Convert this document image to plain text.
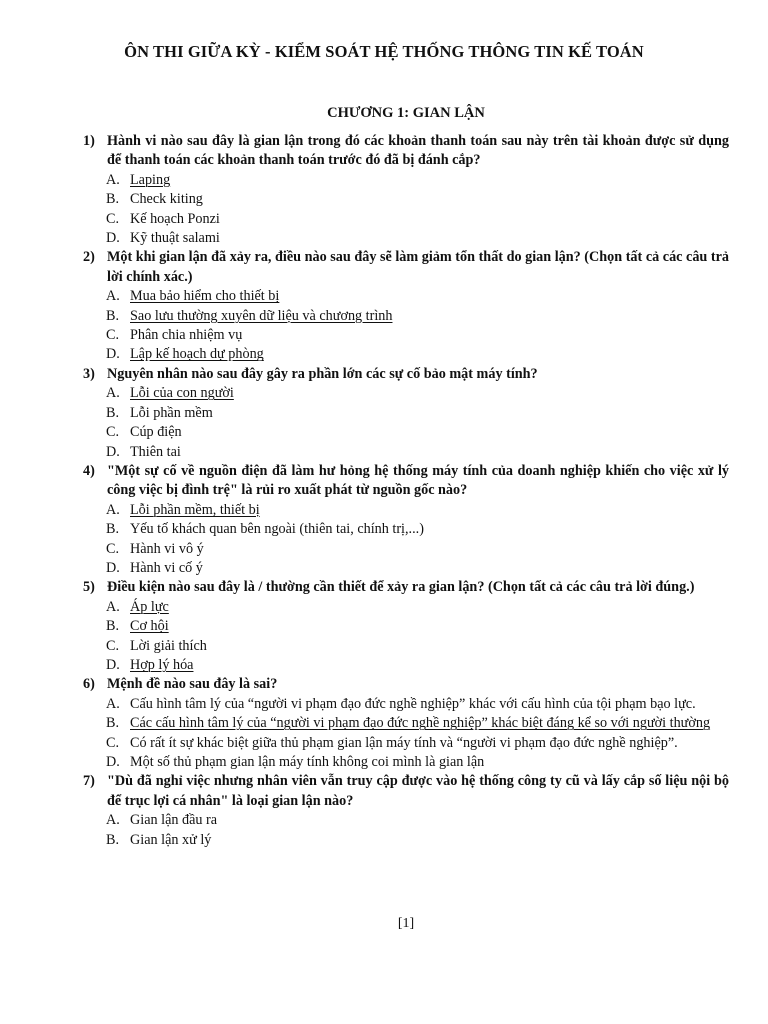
ÔN THI GIỮA KỲ - KIỂM SOÁT HỆ THỐNG THÔNG TIN KẾ TOÁN
CHƯƠNG 1: GIAN LẬN
1) Hành vi nào sau đây là gian lận trong đó các khoản thanh toán sau này trên tài khoản được sử dụng để thanh toán các khoản thanh toán trước đó đã bị đánh cắp?
A. Laping
B. Check kiting
C. Kế hoạch Ponzi
D. Kỹ thuật salami
2) Một khi gian lận đã xảy ra, điều nào sau đây sẽ làm giảm tổn thất do gian lận? (Chọn tất cả các câu trả lời chính xác.)
A. Mua bảo hiểm cho thiết bị
B. Sao lưu thường xuyên dữ liệu và chương trình
C. Phân chia nhiệm vụ
D. Lập kế hoạch dự phòng
3) Nguyên nhân nào sau đây gây ra phần lớn các sự cố bảo mật máy tính?
A. Lỗi của con người
B. Lỗi phần mềm
C. Cúp điện
D. Thiên tai
4) "Một sự cố về nguồn điện đã làm hư hỏng hệ thống máy tính của doanh nghiệp khiến cho việc xử lý công việc bị đình trệ" là rủi ro xuất phát từ nguồn gốc nào?
A. Lỗi phần mềm, thiết bị
B. Yếu tố khách quan bên ngoài (thiên tai, chính trị,...)
C. Hành vi vô ý
D. Hành vi cố ý
5) Điều kiện nào sau đây là / thường cần thiết để xảy ra gian lận? (Chọn tất cả các câu trả lời đúng.)
A. Áp lực
B. Cơ hội
C. Lời giải thích
D. Hợp lý hóa
6) Mệnh đề nào sau đây là sai?
A. Cấu hình tâm lý của “người vi phạm đạo đức nghề nghiệp” khác với cấu hình của tội phạm bạo lực.
B. Các cấu hình tâm lý của “người vi phạm đạo đức nghề nghiệp” khác biệt đáng kể so với người thường
C. Có rất ít sự khác biệt giữa thủ phạm gian lận máy tính và “người vi phạm đạo đức nghề nghiệp”.
D. Một số thủ phạm gian lận máy tính không coi mình là gian lận
7) "Dù đã nghỉ việc nhưng nhân viên vẫn truy cập được vào hệ thống công ty cũ và lấy cắp số liệu nội bộ để trục lợi cá nhân" là loại gian lận nào?
A. Gian lận đầu ra
B. Gian lận xử lý
[1]
